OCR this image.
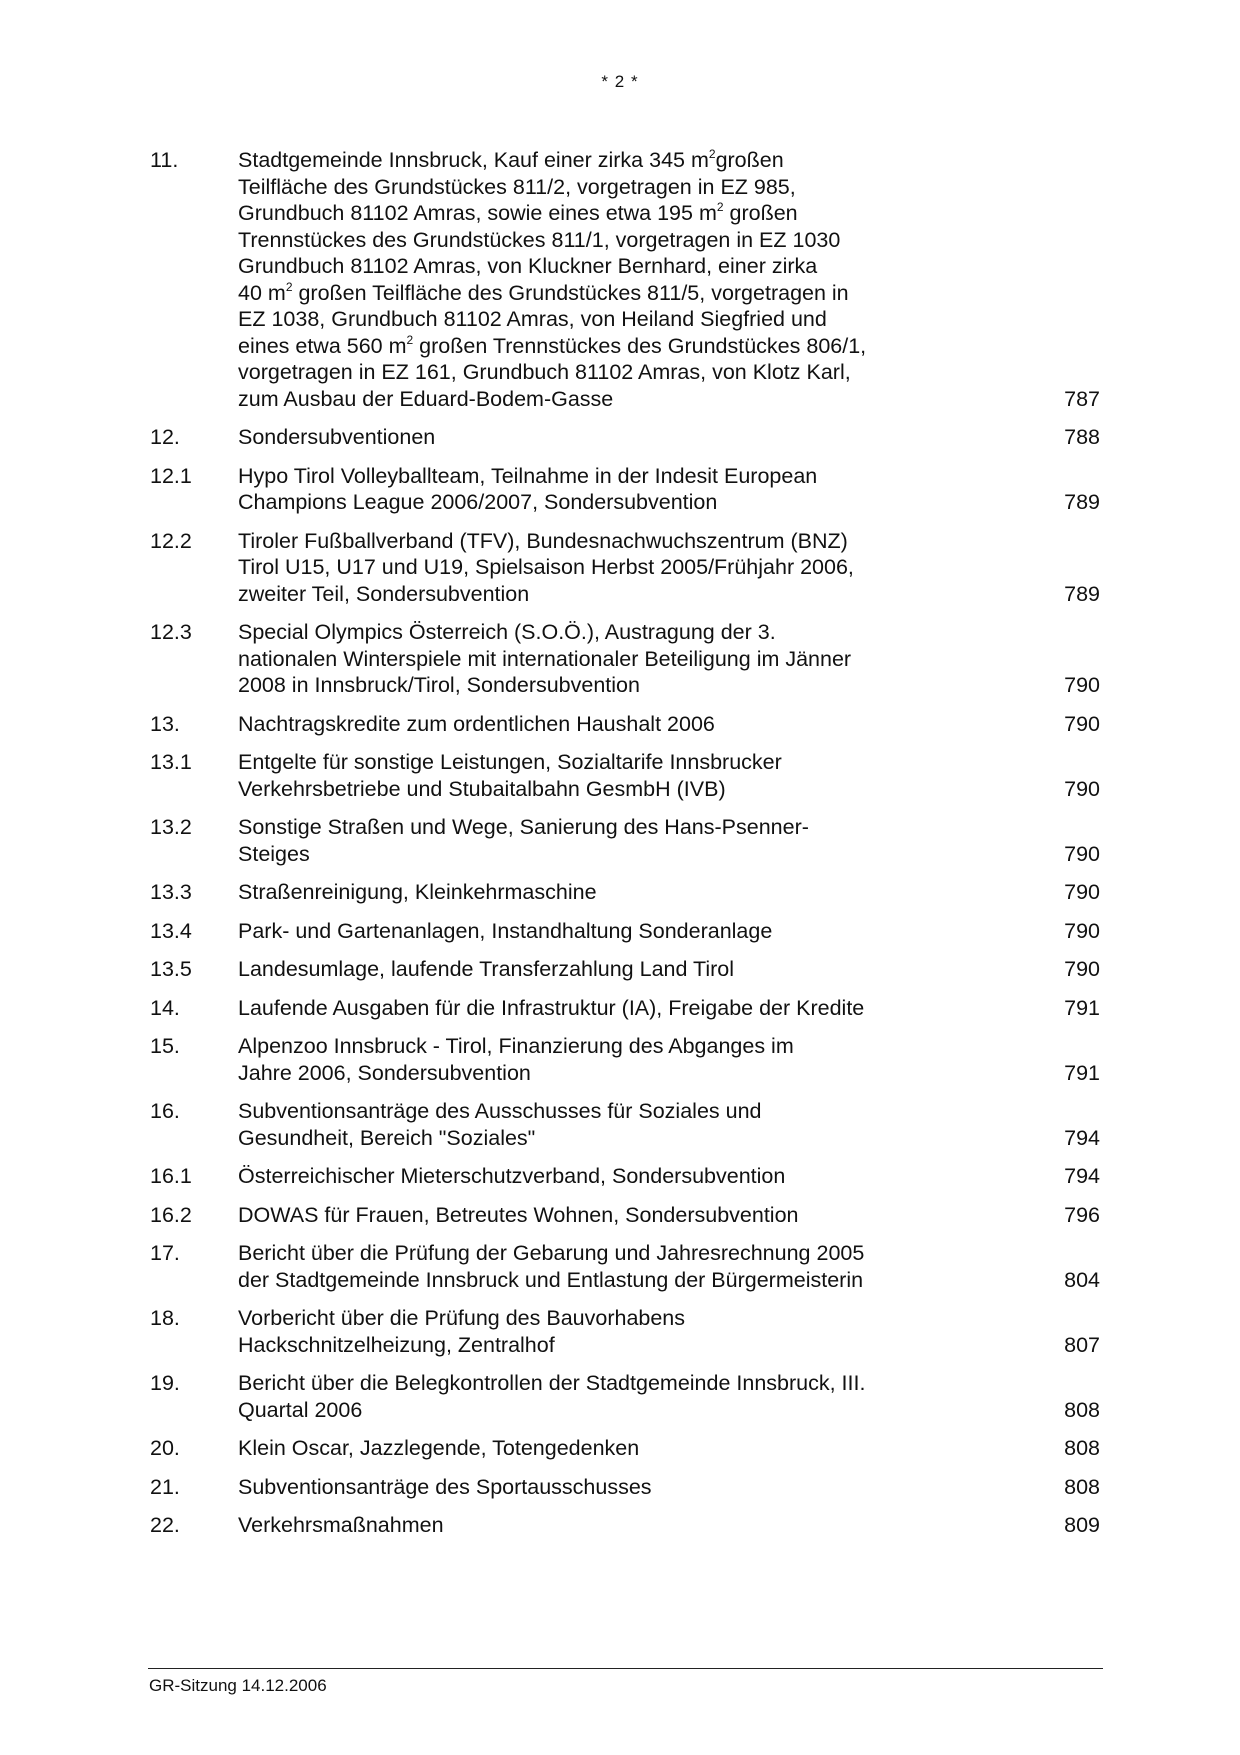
* 2 *
11.	Stadtgemeinde Innsbruck, Kauf einer zirka 345 $m^2großen$
Teilfläche des Grundstückes 811/2, vorgetragen in EZ 985,
Grundbuch 81102 Amras, sowie eines etwa 195 $m^2$ großen
Trennstückes des Grundstückes 811/1, vorgetragen in EZ 1030
Grundbuch 81102 Amras, von Kluckner Bernhard, einer zirka
40 $m^2$ großen Teilfläche des Grundstückes 811/5, vorgetragen in
EZ 1038, Grundbuch 81102 Amras, von Heiland Siegfried und
eines etwa 560 $m^2$ großen Trennstückes des Grundstückes 806/1,
vorgetragen in EZ 161, Grundbuch 81102 Amras, von Klotz Karl,
zum Ausbau der Eduard-Bodem-Gasse	787
12.	Sondersubventionen	788
12.1	Hypo Tirol Volleyballteam, Teilnahme in der Indesit European
Champions League 2006/2007, Sondersubvention	789
12.2	Tiroler Fußballverband (TFV), Bundesnachwuchszentrum (BNZ)
Tirol U15, U17 und U19, Spielsaison Herbst 2005/Frühjahr 2006,
zweiter Teil, Sondersubvention	789
12.3	Special Olympics Österreich (S.O.Ö.), Austragung der 3.
nationalen Winterspiele mit internationaler Beteiligung im Jänner
2008 in Innsbruck/Tirol, Sondersubvention	790
13.	Nachtragskredite zum ordentlichen Haushalt 2006	790
13.1	Entgelte für sonstige Leistungen, Sozialtarife Innsbrucker
Verkehrsbetriebe und Stubaitalbahn GesmbH (IVB)	790
13.2	Sonstige Straßen und Wege, Sanierung des Hans-Psenner-
Steiges	790
13.3	Straßenreinigung, Kleinkehrmaschine	790
13.4	Park- und Gartenanlagen, Instandhaltung Sonderanlage	790
13.5	Landesumlage, laufende Transferzahlung Land Tirol	790
14.	Laufende Ausgaben für die Infrastruktur (IA), Freigabe der Kredite	791
15.	Alpenzoo Innsbruck - Tirol, Finanzierung des Abganges im
Jahre 2006, Sondersubvention	791
16.	Subventionsanträge des Ausschusses für Soziales und
Gesundheit, Bereich "Soziales"	794
16.1	Österreichischer Mieterschutzverband, Sondersubvention	794
16.2	DOWAS für Frauen, Betreutes Wohnen, Sondersubvention	796
17.	Bericht über die Prüfung der Gebarung und Jahresrechnung 2005
der Stadtgemeinde Innsbruck und Entlastung der Bürgermeisterin	804
18.	Vorbericht über die Prüfung des Bauvorhabens
Hackschnitzelheizung, Zentralhof	807
19.	Bericht über die Belegkontrollen der Stadtgemeinde Innsbruck, III.
Quartal 2006	808
20.	Klein Oscar, Jazzlegende, Totengedenken	808
21.	Subventionsanträge des Sportausschusses	808
22.	Verkehrsmaßnahmen	809
GR-Sitzung 14.12.2006
